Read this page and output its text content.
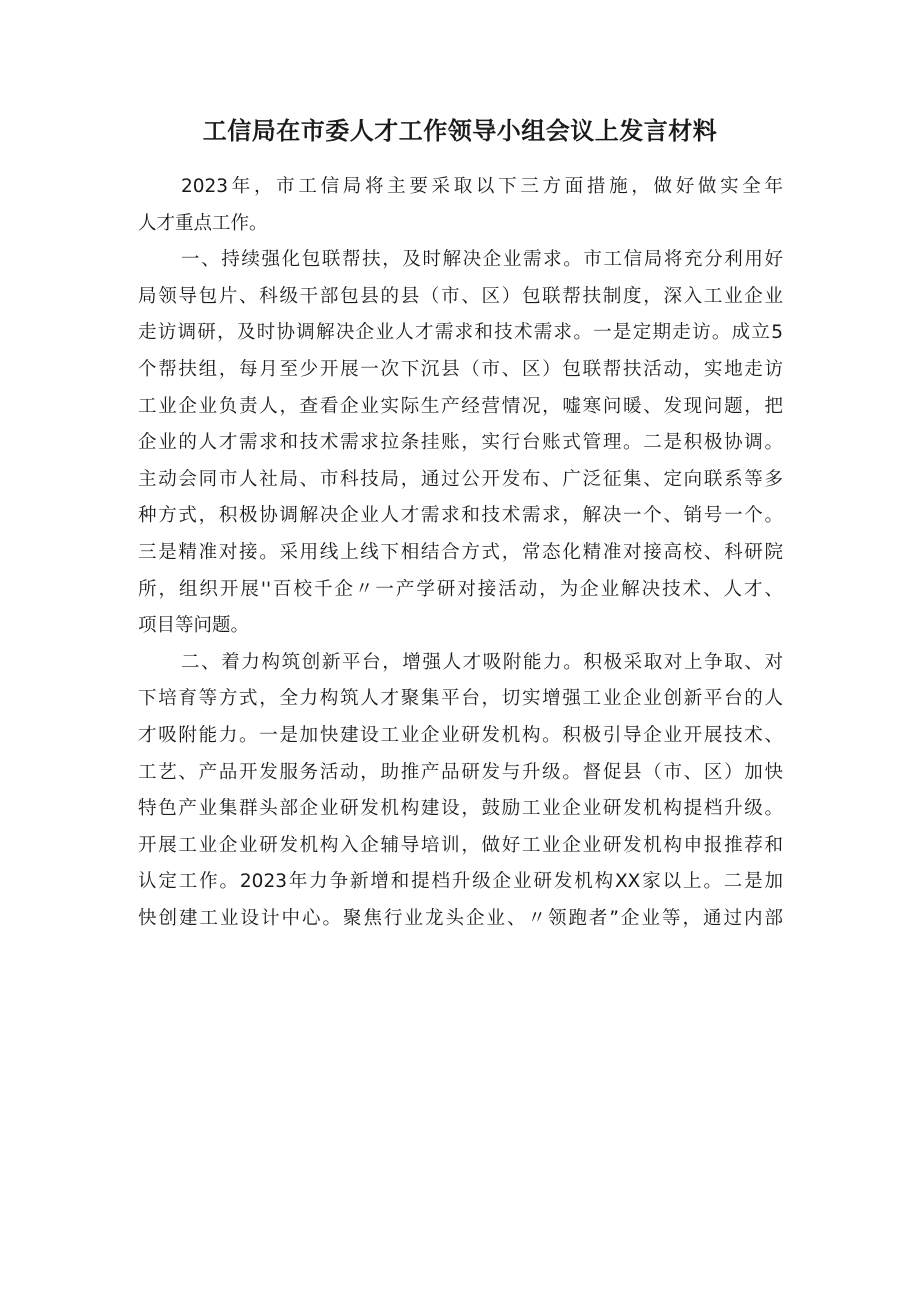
工信局在市委人才工作领导小组会议上发言材料
2023年，市工信局将主要采取以下三方面措施，做好做实全年
人才重点工作。
一、持续强化包联帮扶，及时解决企业需求。市工信局将充分利用好
局领导包片、科级干部包县的县（市、区）包联帮扶制度，深入工业企业
走访调研，及时协调解决企业人才需求和技术需求。一是定期走访。成立5
个帮扶组，每月至少开展一次下沉县（市、区）包联帮扶活动，实地走访
工业企业负责人，查看企业实际生产经营情况，嘘寒问暖、发现问题，把
企业的人才需求和技术需求拉条挂账，实行台账式管理。二是积极协调。
主动会同市人社局、市科技局，通过公开发布、广泛征集、定向联系等多
种方式，积极协调解决企业人才需求和技术需求，解决一个、销号一个。
三是精准对接。采用线上线下相结合方式，常态化精准对接高校、科研院
所，组织开展''百校千企〃一产学研对接活动，为企业解决技术、人才、
项目等问题。
二、着力构筑创新平台，增强人才吸附能力。积极采取对上争取、对
下培育等方式，全力构筑人才聚集平台，切实增强工业企业创新平台的人
才吸附能力。一是加快建设工业企业研发机构。积极引导企业开展技术、
工艺、产品开发服务活动，助推产品研发与升级。督促县（市、区）加快
特色产业集群头部企业研发机构建设，鼓励工业企业研发机构提档升级。
开展工业企业研发机构入企辅导培训，做好工业企业研发机构申报推荐和
认定工作。2023年力争新增和提档升级企业研发机构XX家以上。二是加
快创建工业设计中心。聚焦行业龙头企业、〃领跑者”企业等，通过内部
